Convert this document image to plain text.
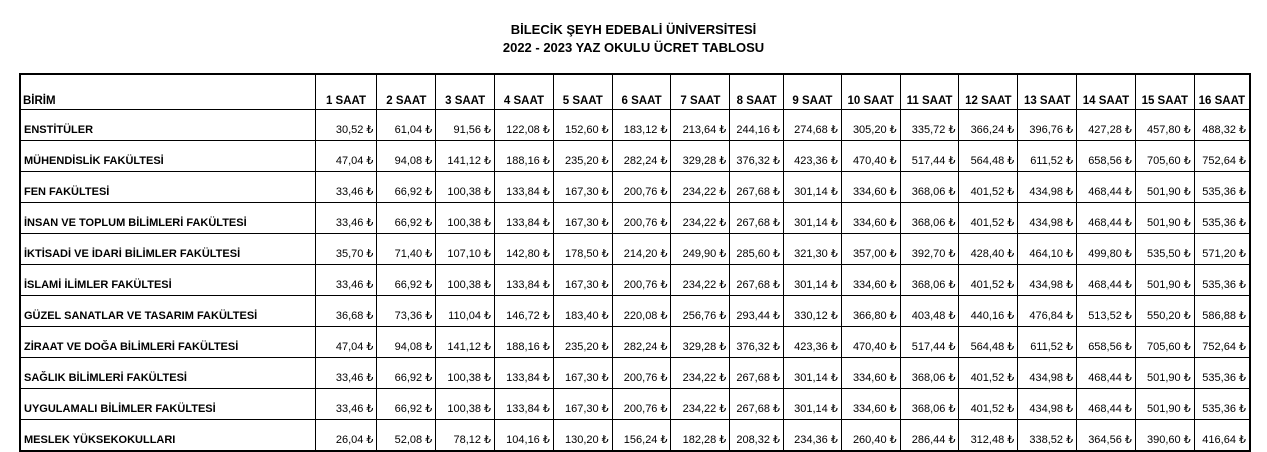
BİLECİK ŞEYH EDEBALİ ÜNİVERSİTESİ
2022 - 2023 YAZ OKULU ÜCRET TABLOSU
BİRİM	1 SAAT	2 SAAT	3 SAAT	4 SAAT	5 SAAT	6 SAAT	7 SAAT	8 SAAT	9 SAAT	10 SAAT	11 SAAT	12 SAAT	13 SAAT	14 SAAT	15 SAAT	16 SAAT
ENSTİTÜLER	30,52 ₺	61,04 ₺	91,56 ₺	122,08 ₺	152,60 ₺	183,12 ₺	213,64 ₺	244,16 ₺	274,68 ₺	305,20 ₺	335,72 ₺	366,24 ₺	396,76 ₺	427,28 ₺	457,80 ₺	488,32 ₺
MÜHENDİSLİK FAKÜLTESİ	47,04 ₺	94,08 ₺	141,12 ₺	188,16 ₺	235,20 ₺	282,24 ₺	329,28 ₺	376,32 ₺	423,36 ₺	470,40 ₺	517,44 ₺	564,48 ₺	611,52 ₺	658,56 ₺	705,60 ₺	752,64 ₺
FEN FAKÜLTESİ	33,46 ₺	66,92 ₺	100,38 ₺	133,84 ₺	167,30 ₺	200,76 ₺	234,22 ₺	267,68 ₺	301,14 ₺	334,60 ₺	368,06 ₺	401,52 ₺	434,98 ₺	468,44 ₺	501,90 ₺	535,36 ₺
İNSAN VE TOPLUM BİLİMLERİ FAKÜLTESİ	33,46 ₺	66,92 ₺	100,38 ₺	133,84 ₺	167,30 ₺	200,76 ₺	234,22 ₺	267,68 ₺	301,14 ₺	334,60 ₺	368,06 ₺	401,52 ₺	434,98 ₺	468,44 ₺	501,90 ₺	535,36 ₺
İKTİSADİ VE İDARİ BİLİMLER FAKÜLTESİ	35,70 ₺	71,40 ₺	107,10 ₺	142,80 ₺	178,50 ₺	214,20 ₺	249,90 ₺	285,60 ₺	321,30 ₺	357,00 ₺	392,70 ₺	428,40 ₺	464,10 ₺	499,80 ₺	535,50 ₺	571,20 ₺
İSLAMİ İLİMLER FAKÜLTESİ	33,46 ₺	66,92 ₺	100,38 ₺	133,84 ₺	167,30 ₺	200,76 ₺	234,22 ₺	267,68 ₺	301,14 ₺	334,60 ₺	368,06 ₺	401,52 ₺	434,98 ₺	468,44 ₺	501,90 ₺	535,36 ₺
GÜZEL SANATLAR VE TASARIM FAKÜLTESİ	36,68 ₺	73,36 ₺	110,04 ₺	146,72 ₺	183,40 ₺	220,08 ₺	256,76 ₺	293,44 ₺	330,12 ₺	366,80 ₺	403,48 ₺	440,16 ₺	476,84 ₺	513,52 ₺	550,20 ₺	586,88 ₺
ZİRAAT VE DOĞA BİLİMLERİ FAKÜLTESİ	47,04 ₺	94,08 ₺	141,12 ₺	188,16 ₺	235,20 ₺	282,24 ₺	329,28 ₺	376,32 ₺	423,36 ₺	470,40 ₺	517,44 ₺	564,48 ₺	611,52 ₺	658,56 ₺	705,60 ₺	752,64 ₺
SAĞLIK BİLİMLERİ FAKÜLTESİ	33,46 ₺	66,92 ₺	100,38 ₺	133,84 ₺	167,30 ₺	200,76 ₺	234,22 ₺	267,68 ₺	301,14 ₺	334,60 ₺	368,06 ₺	401,52 ₺	434,98 ₺	468,44 ₺	501,90 ₺	535,36 ₺
UYGULAMALI BİLİMLER FAKÜLTESİ	33,46 ₺	66,92 ₺	100,38 ₺	133,84 ₺	167,30 ₺	200,76 ₺	234,22 ₺	267,68 ₺	301,14 ₺	334,60 ₺	368,06 ₺	401,52 ₺	434,98 ₺	468,44 ₺	501,90 ₺	535,36 ₺
MESLEK YÜKSEKOKULLARI	26,04 ₺	52,08 ₺	78,12 ₺	104,16 ₺	130,20 ₺	156,24 ₺	182,28 ₺	208,32 ₺	234,36 ₺	260,40 ₺	286,44 ₺	312,48 ₺	338,52 ₺	364,56 ₺	390,60 ₺	416,64 ₺
